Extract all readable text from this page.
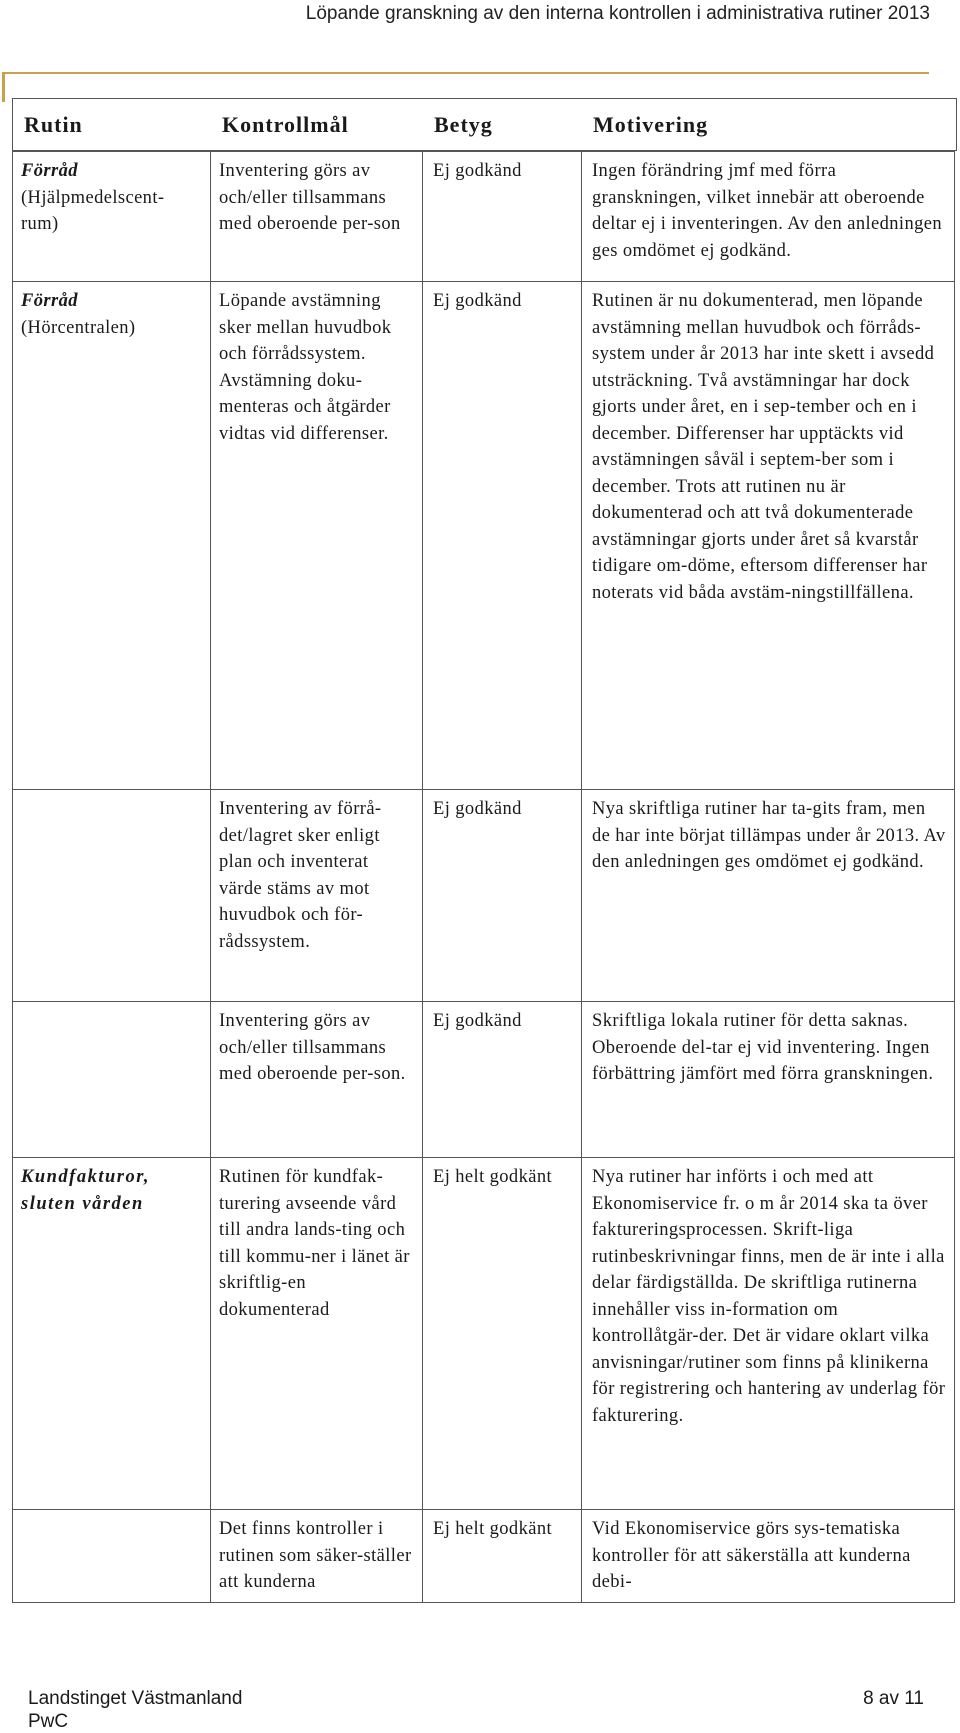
Löpande granskning av den interna kontrollen i administrativa rutiner 2013
Rutin	Kontrollmål	Betyg	Motivering
Förråd
(Hjälpmedelscent-rum)	Inventering görs av och/eller tillsammans med oberoende per-son	Ej godkänd	Ingen förändring jmf med förra granskningen, vilket innebär att oberoende deltar ej i inventeringen. Av den anledningen ges omdömet ej godkänd.

Förråd
(Hörcentralen)	Löpande avstämning sker mellan huvudbok och förrådssystem. Avstämning doku-menteras och åtgärder vidtas vid differenser.	Ej godkänd	Rutinen är nu dokumenterad, men löpande avstämning mellan huvudbok och förråds-system under år 2013 har inte skett i avsedd utsträckning. Två avstämningar har dock gjorts under året, en i sep-tember och en i december. Differenser har upptäckts vid avstämningen såväl i septem-ber som i december. Trots att rutinen nu är dokumenterad och att två dokumenterade avstämningar gjorts under året så kvarstår tidigare om-döme, eftersom differenser har noterats vid båda avstäm-ningstillfällena.

	Inventering av förrå-det/lagret sker enligt plan och inventerat värde stäms av mot huvudbok och för-rådssystem.	Ej godkänd	Nya skriftliga rutiner har ta-gits fram, men de har inte börjat tillämpas under år 2013. Av den anledningen ges omdömet ej godkänd.

	Inventering görs av och/eller tillsammans med oberoende per-son.	Ej godkänd	Skriftliga lokala rutiner för detta saknas. Oberoende del-tar ej vid inventering. Ingen förbättring jämfört med förra granskningen.

Kundfakturor, sluten vården	Rutinen för kundfak-turering avseende vård till andra lands-ting och till kommu-ner i länet är skriftlig-en dokumenterad	Ej helt godkänt	Nya rutiner har införts i och med att Ekonomiservice fr. o m år 2014 ska ta över faktureringsprocessen. Skrift-liga rutinbeskrivningar finns, men de är inte i alla delar färdigställda. De skriftliga rutinerna innehåller viss in-formation om kontrollåtgär-der. Det är vidare oklart vilka anvisningar/rutiner som finns på klinikerna för registrering och hantering av underlag för fakturering.

	Det finns kontroller i rutinen som säker-ställer att kunderna	Ej helt godkänt	Vid Ekonomiservice görs sys-tematiska kontroller för att säkerställa att kunderna debi-
Landstinget Västmanland
PwC
8 av 11
